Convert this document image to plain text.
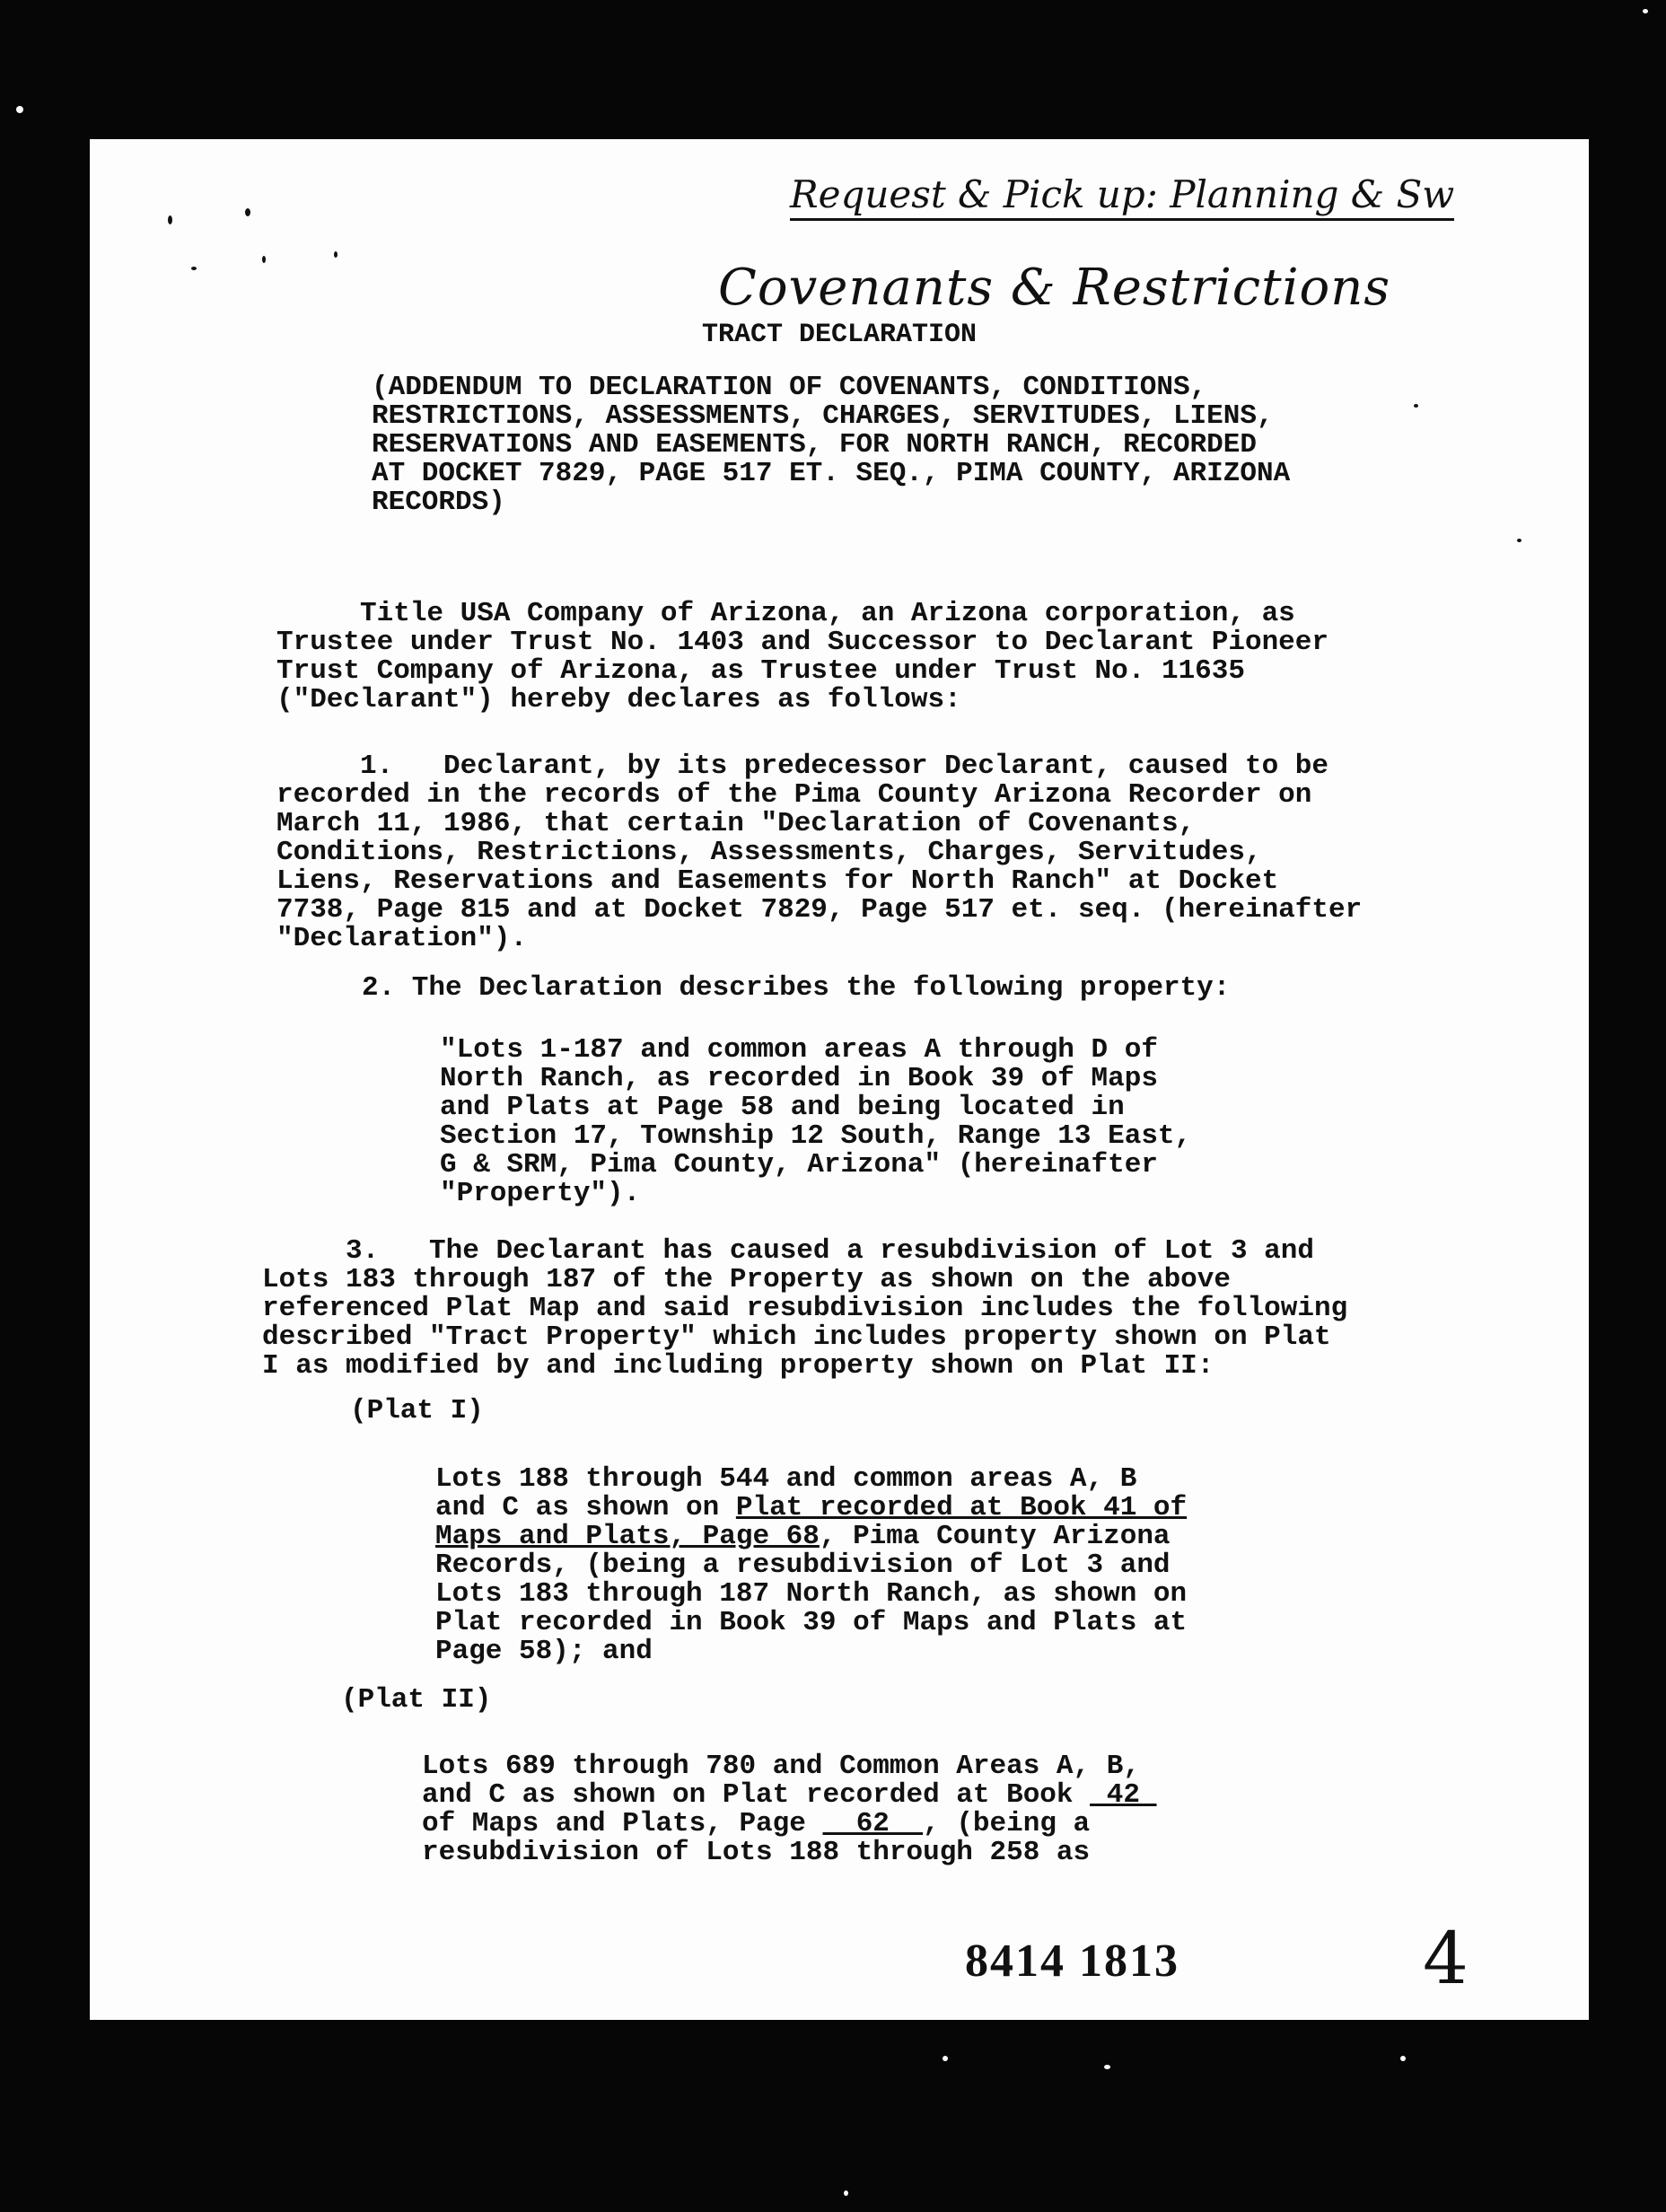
Request & Pick up: Planning & Sw
Covenants & Restrictions
TRACT DECLARATION
(ADDENDUM TO DECLARATION OF COVENANTS, CONDITIONS,
RESTRICTIONS, ASSESSMENTS, CHARGES, SERVITUDES, LIENS,
RESERVATIONS AND EASEMENTS, FOR NORTH RANCH, RECORDED
AT DOCKET 7829, PAGE 517 ET. SEQ., PIMA COUNTY, ARIZONA
RECORDS)
Title USA Company of Arizona, an Arizona corporation, as
Trustee under Trust No. 1403 and Successor to Declarant Pioneer
Trust Company of Arizona, as Trustee under Trust No. 11635
("Declarant") hereby declares as follows:
1.   Declarant, by its predecessor Declarant, caused to be
recorded in the records of the Pima County Arizona Recorder on
March 11, 1986, that certain "Declaration of Covenants,
Conditions, Restrictions, Assessments, Charges, Servitudes,
Liens, Reservations and Easements for North Ranch" at Docket
7738, Page 815 and at Docket 7829, Page 517 et. seq. (hereinafter
"Declaration").
2. The Declaration describes the following property:
"Lots 1-187 and common areas A through D of
North Ranch, as recorded in Book 39 of Maps
and Plats at Page 58 and being located in
Section 17, Township 12 South, Range 13 East,
G & SRM, Pima County, Arizona" (hereinafter
"Property").
3.   The Declarant has caused a resubdivision of Lot 3 and
Lots 183 through 187 of the Property as shown on the above
referenced Plat Map and said resubdivision includes the following
described "Tract Property" which includes property shown on Plat
I as modified by and including property shown on Plat II:
(Plat I)
Lots 188 through 544 and common areas A, B
and C as shown on Plat recorded at Book 41 of
Maps and Plats, Page 68, Pima County Arizona
Records, (being a resubdivision of Lot 3 and
Lots 183 through 187 North Ranch, as shown on
Plat recorded in Book 39 of Maps and Plats at
Page 58); and
(Plat II)
Lots 689 through 780 and Common Areas A, B,
and C as shown on Plat recorded at Book  42
of Maps and Plats, Page   62  , (being a
resubdivision of Lots 188 through 258 as
8414 1813	4
